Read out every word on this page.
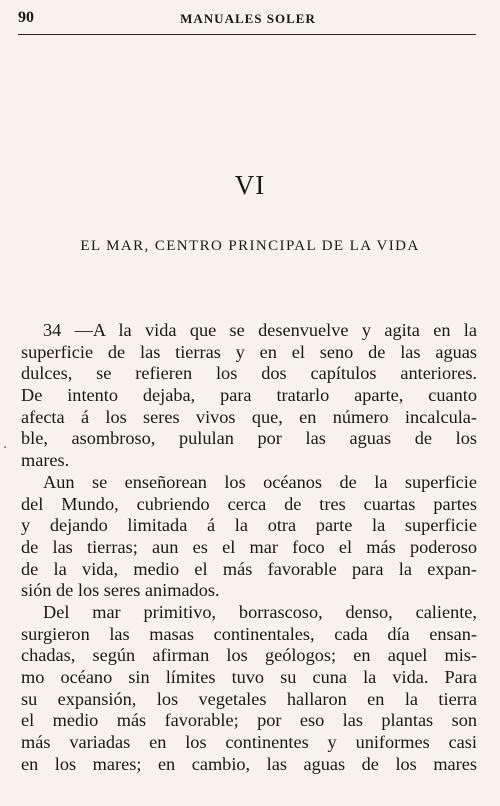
90	MANUALES SOLER
VI
EL MAR, CENTRO PRINCIPAL DE LA VIDA
34 —A la vida que se desenvuelve y agita en la
superficie de las tierras y en el seno de las aguas
dulces, se refieren los dos capítulos anteriores.
De intento dejaba, para tratarlo aparte, cuanto
afecta á los seres vivos que, en número incalcula-
ble, asombroso, pululan por las aguas de los
mares.
Aun se enseñorean los océanos de la superficie
del Mundo, cubriendo cerca de tres cuartas partes
y dejando limitada á la otra parte la superficie
de las tierras; aun es el mar foco el más poderoso
de la vida, medio el más favorable para la expan-
sión de los seres animados.
Del mar primitivo, borrascoso, denso, caliente,
surgieron las masas continentales, cada día ensan-
chadas, según afirman los geólogos; en aquel mis-
mo océano sin límites tuvo su cuna la vida. Para
su expansión, los vegetales hallaron en la tierra
el medio más favorable; por eso las plantas son
más variadas en los continentes y uniformes casi
en los mares; en cambio, las aguas de los mares
·
